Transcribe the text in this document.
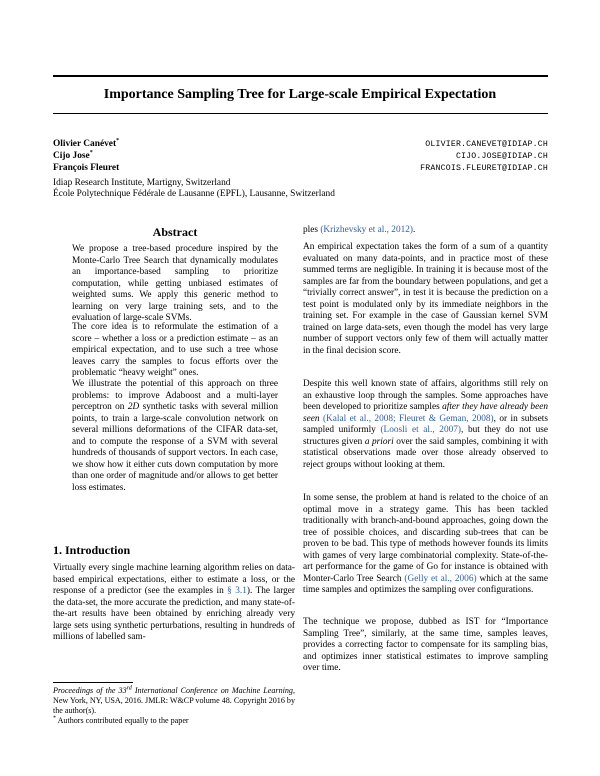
Importance Sampling Tree for Large-scale Empirical Expectation
Olivier Canévet*	OLIVIER.CANEVET@IDIAP.CH
Cijo Jose*	CIJO.JOSE@IDIAP.CH
François Fleuret	FRANCOIS.FLEURET@IDIAP.CH
Idiap Research Institute, Martigny, Switzerland
École Polytechnique Fédérale de Lausanne (EPFL), Lausanne, Switzerland
Abstract

We propose a tree-based procedure inspired by the Monte-Carlo Tree Search that dynamically modulates an importance-based sampling to prioritize computation, while getting unbiased estimates of weighted sums. We apply this generic method to learning on very large training sets, and to the evaluation of large-scale SVMs.

The core idea is to reformulate the estimation of a score – whether a loss or a prediction estimate – as an empirical expectation, and to use such a tree whose leaves carry the samples to focus efforts over the problematic “heavy weight” ones.

We illustrate the potential of this approach on three problems: to improve Adaboost and a multi-layer perceptron on 2D synthetic tasks with several million points, to train a large-scale convolution network on several millions deformations of the CIFAR data-set, and to compute the response of a SVM with several hundreds of thousands of support vectors. In each case, we show how it either cuts down computation by more than one order of magnitude and/or allows to get better loss estimates.

1. Introduction

Virtually every single machine learning algorithm relies on data-based empirical expectations, either to estimate a loss, or the response of a predictor (see the examples in § 3.1). The larger the data-set, the more accurate the prediction, and many state-of-the-art results have been obtained by enriching already very large sets using synthetic perturbations, resulting in hundreds of millions of labelled sam-

Proceedings of the 33rd International Conference on Machine Learning, New York, NY, USA, 2016. JMLR: W&CP volume 48. Copyright 2016 by the author(s).

* Authors contributed equally to the paper

ples (Krizhevsky et al., 2012).

An empirical expectation takes the form of a sum of a quantity evaluated on many data-points, and in practice most of these summed terms are negligible. In training it is because most of the samples are far from the boundary between populations, and get a “trivially correct answer”, in test it is because the prediction on a test point is modulated only by its immediate neighbors in the training set. For example in the case of Gaussian kernel SVM trained on large data-sets, even though the model has very large number of support vectors only few of them will actually matter in the final decision score.

Despite this well known state of affairs, algorithms still rely on an exhaustive loop through the samples. Some approaches have been developed to prioritize samples after they have already been seen (Kalal et al., 2008; Fleuret & Geman, 2008), or in subsets sampled uniformly (Loosli et al., 2007), but they do not use structures given a priori over the said samples, combining it with statistical observations made over those already observed to reject groups without looking at them.

In some sense, the problem at hand is related to the choice of an optimal move in a strategy game. This has been tackled traditionally with branch-and-bound approaches, going down the tree of possible choices, and discarding sub-trees that can be proven to be bad. This type of methods however founds its limits with games of very large combinatorial complexity. State-of-the-art performance for the game of Go for instance is obtained with Monter-Carlo Tree Search (Gelly et al., 2006) which at the same time samples and optimizes the sampling over configurations.

The technique we propose, dubbed as IST for “Importance Sampling Tree”, similarly, at the same time, samples leaves, provides a correcting factor to compensate for its sampling bias, and optimizes inner statistical estimates to improve sampling over time.
